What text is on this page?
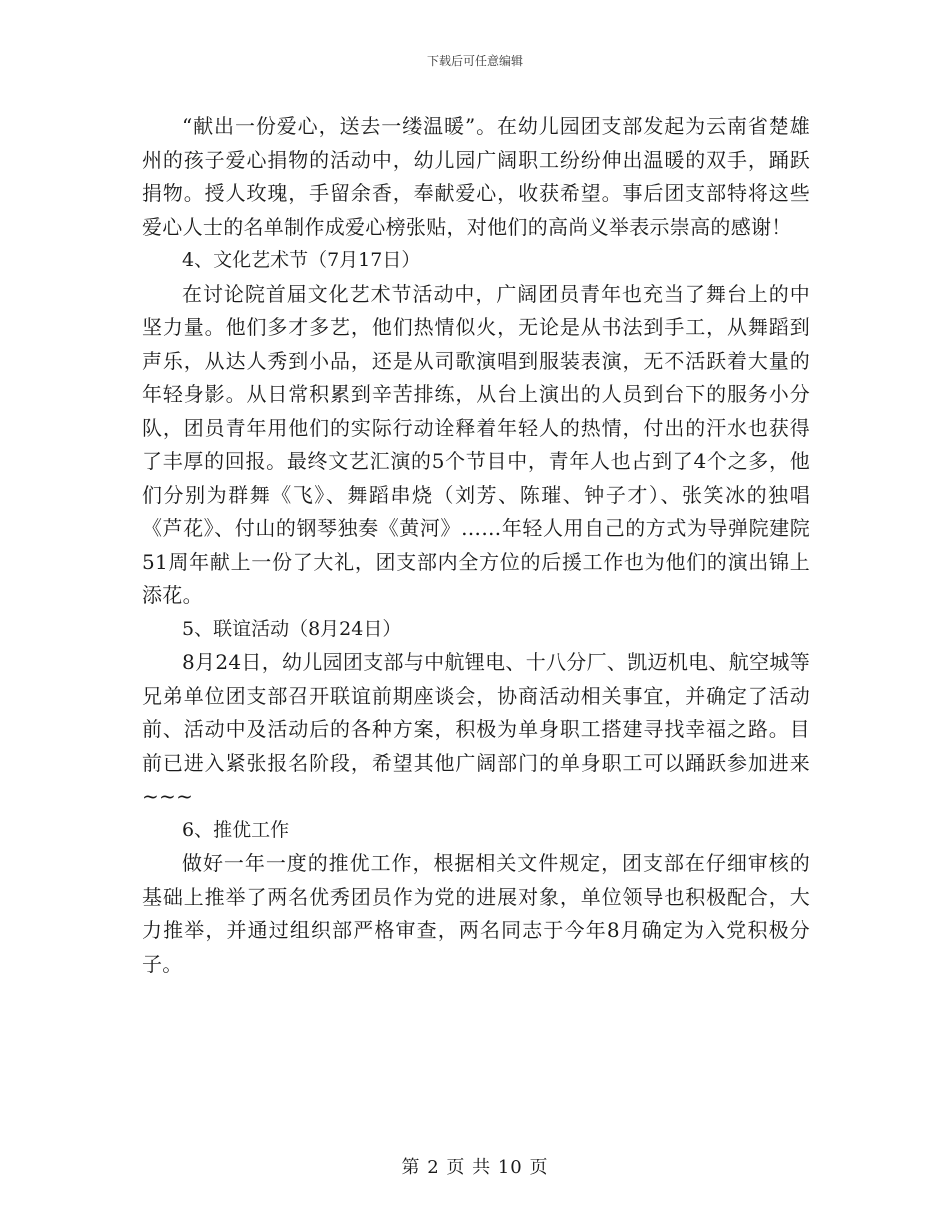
下载后可任意编辑

“献出一份爱心，送去一缕温暖”。在幼儿园团支部发起为云南省楚雄州的孩子爱心捐物的活动中，幼儿园广阔职工纷纷伸出温暖的双手，踊跃捐物。授人玫瑰，手留余香，奉献爱心，收获希望。事后团支部特将这些爱心人士的名单制作成爱心榜张贴，对他们的高尚义举表示崇高的感谢！

4、文化艺术节（7月17日）

在讨论院首届文化艺术节活动中，广阔团员青年也充当了舞台上的中坚力量。他们多才多艺，他们热情似火，无论是从书法到手工，从舞蹈到声乐，从达人秀到小品，还是从司歌演唱到服装表演，无不活跃着大量的年轻身影。从日常积累到辛苦排练，从台上演出的人员到台下的服务小分队，团员青年用他们的实际行动诠释着年轻人的热情，付出的汗水也获得了丰厚的回报。最终文艺汇演的5个节目中，青年人也占到了4个之多，他们分别为群舞《飞》、舞蹈串烧（刘芳、陈璀、钟子才）、张笑冰的独唱《芦花》、付山的钢琴独奏《黄河》……年轻人用自己的方式为导弹院建院51周年献上一份了大礼，团支部内全方位的后援工作也为他们的演出锦上添花。

5、联谊活动（8月24日）

8月24日，幼儿园团支部与中航锂电、十八分厂、凯迈机电、航空城等兄弟单位团支部召开联谊前期座谈会，协商活动相关事宜，并确定了活动前、活动中及活动后的各种方案，积极为单身职工搭建寻找幸福之路。目前已进入紧张报名阶段，希望其他广阔部门的单身职工可以踊跃参加进来~~~

6、推优工作

做好一年一度的推优工作，根据相关文件规定，团支部在仔细审核的基础上推举了两名优秀团员作为党的进展对象，单位领导也积极配合，大力推举，并通过组织部严格审查，两名同志于今年8月确定为入党积极分子。

第 2 页 共 10 页
